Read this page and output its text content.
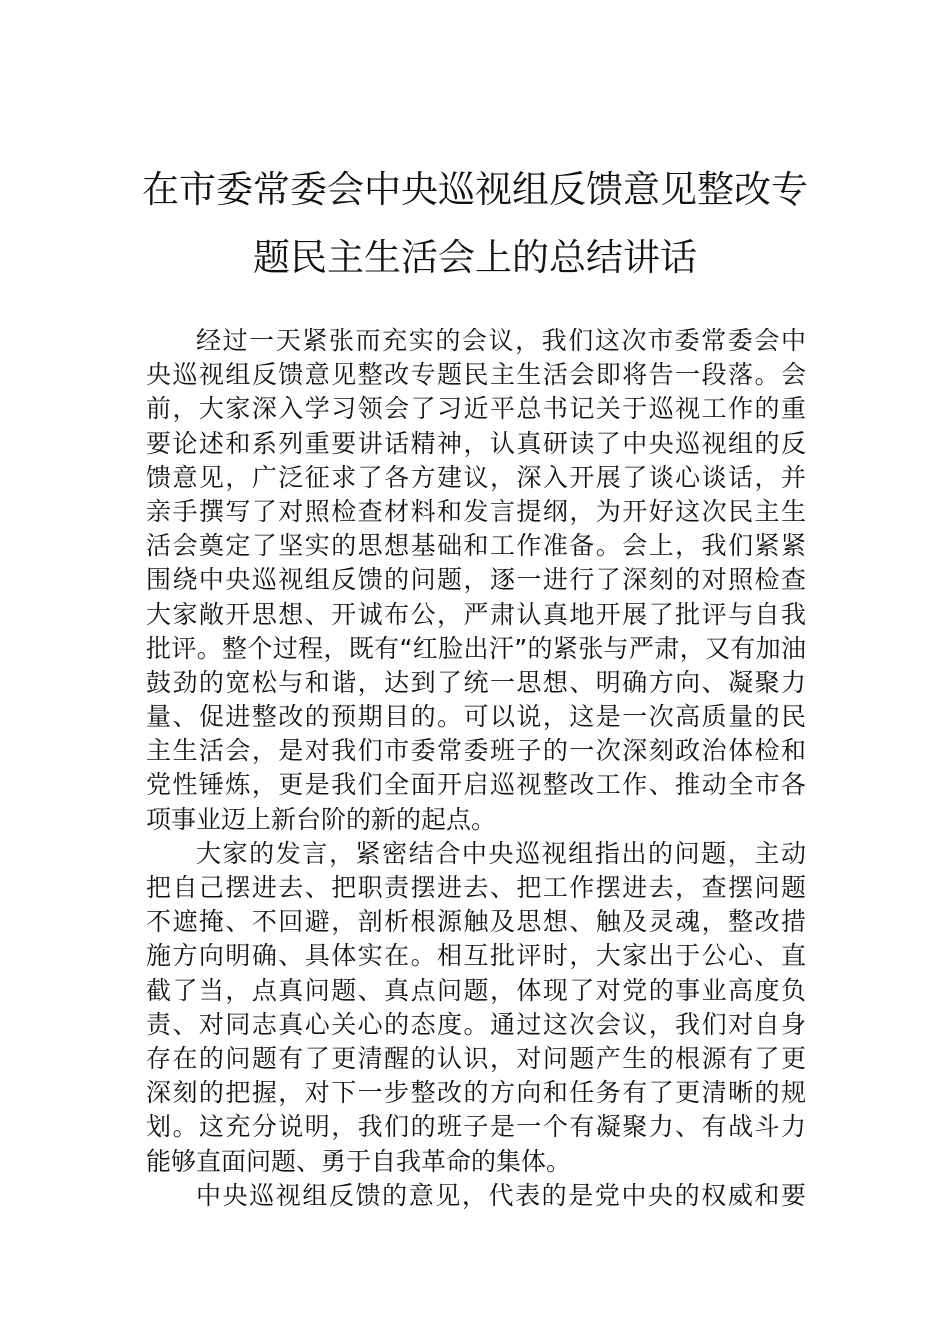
在市委常委会中央巡视组反馈意见整改专
题民主生活会上的总结讲话
经过一天紧张而充实的会议，我们这次市委常委会中
央巡视组反馈意见整改专题民主生活会即将告一段落。会
前，大家深入学习领会了习近平总书记关于巡视工作的重
要论述和系列重要讲话精神，认真研读了中央巡视组的反
馈意见，广泛征求了各方建议，深入开展了谈心谈话，并
亲手撰写了对照检查材料和发言提纲，为开好这次民主生
活会奠定了坚实的思想基础和工作准备。会上，我们紧紧
围绕中央巡视组反馈的问题，逐一进行了深刻的对照检查
大家敞开思想、开诚布公，严肃认真地开展了批评与自我
批评。整个过程，既有“红脸出汗”的紧张与严肃，又有加油
鼓劲的宽松与和谐，达到了统一思想、明确方向、凝聚力
量、促进整改的预期目的。可以说，这是一次高质量的民
主生活会，是对我们市委常委班子的一次深刻政治体检和
党性锤炼，更是我们全面开启巡视整改工作、推动全市各
项事业迈上新台阶的新的起点。
大家的发言，紧密结合中央巡视组指出的问题，主动
把自己摆进去、把职责摆进去、把工作摆进去，查摆问题
不遮掩、不回避，剖析根源触及思想、触及灵魂，整改措
施方向明确、具体实在。相互批评时，大家出于公心、直
截了当，点真问题、真点问题，体现了对党的事业高度负
责、对同志真心关心的态度。通过这次会议，我们对自身
存在的问题有了更清醒的认识，对问题产生的根源有了更
深刻的把握，对下一步整改的方向和任务有了更清晰的规
划。这充分说明，我们的班子是一个有凝聚力、有战斗力
能够直面问题、勇于自我革命的集体。
中央巡视组反馈的意见，代表的是党中央的权威和要
